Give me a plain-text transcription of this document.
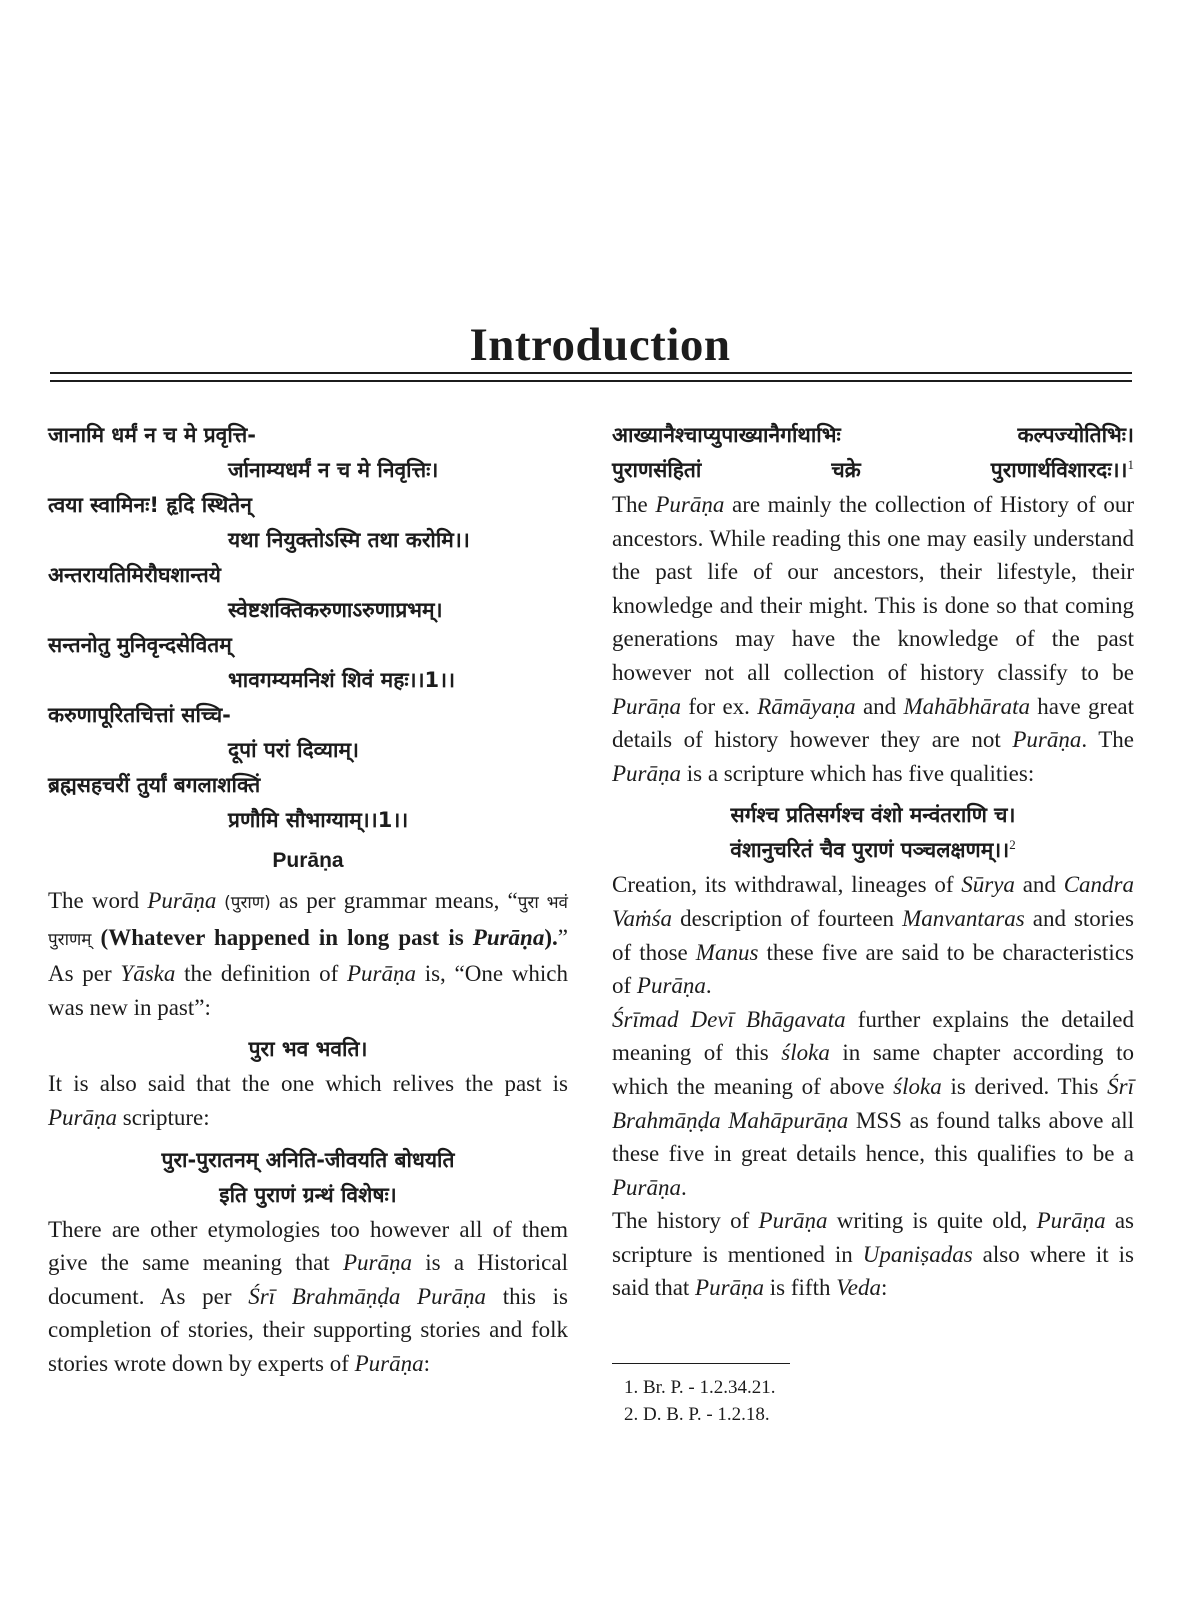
Introduction

जानामि धर्मं न च मे प्रवृत्ति-

र्जानाम्यधर्मं न च मे निवृत्तिः।

त्वया स्वामिनः! हृदि स्थितेन्

यथा नियुक्तोऽस्मि तथा करोमि।।

अन्तरायतिमिरौघशान्तये

स्वेष्टशक्तिकरुणाऽरुणाप्रभम्।

सन्तनोतु मुनिवृन्दसेवितम्

भावगम्यमनिशं शिवं महः।।1।।

करुणापूरितचित्तां सच्चि-

दूपां परां दिव्याम्।

ब्रह्मसहचरीं तुर्यां बगलाशक्तिं

प्रणौमि सौभाग्याम्।।1।।

Purāṇa

The word Purāṇa (पुराण) as per grammar means, “पुरा भवं पुराणम् (Whatever happened in long past is Purāṇa).” As per Yāska the definition of Purāṇa is, “One which was new in past”:

पुरा भव भवति।

It is also said that the one which relives the past is Purāṇa scripture:

पुरा-पुरातनम् अनिति-जीवयति बोधयति

इति पुराणं ग्रन्थं विशेषः।

There are other etymologies too however all of them give the same meaning that Purāṇa is a Historical document. As per Śrī Brahmāṇḍa Purāṇa this is completion of stories, their supporting stories and folk stories wrote down by experts of Purāṇa:

आख्यानैश्चाप्युपाख्यानैर्गाथाभिः कल्पज्योतिभिः।

पुराणसंहितां चक्रे पुराणार्थविशारदः।।$^1$

The Purāṇa are mainly the collection of History of our ancestors. While reading this one may easily understand the past life of our ancestors, their lifestyle, their knowledge and their might. This is done so that coming generations may have the knowledge of the past however not all collection of history classify to be Purāṇa for ex. Rāmāyaṇa and Mahābhārata have great details of history however they are not Purāṇa. The Purāṇa is a scripture which has five qualities:

सर्गश्च प्रतिसर्गश्च वंशो मन्वंतराणि च।

वंशानुचरितं चैव पुराणं पञ्चलक्षणम्।।$^2$

Creation, its withdrawal, lineages of Sūrya and Candra Vaṁśa description of fourteen Manvantaras and stories of those Manus these five are said to be characteristics of Purāṇa.

Śrīmad Devī Bhāgavata further explains the detailed meaning of this śloka in same chapter according to which the meaning of above śloka is derived. This Śrī Brahmāṇḍa Mahāpurāṇa MSS as found talks above all these five in great details hence, this qualifies to be a Purāṇa.

The history of Purāṇa writing is quite old, Purāṇa as scripture is mentioned in Upaniṣadas also where it is said that Purāṇa is fifth Veda:

1. Br. P. - 1.2.34.21.

2. D. B. P. - 1.2.18.
